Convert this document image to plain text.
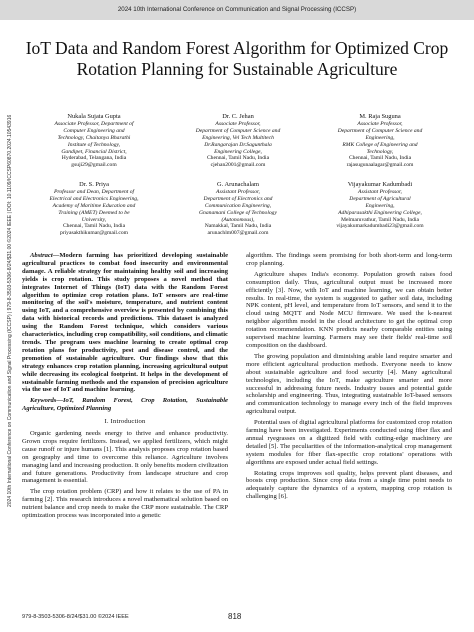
2024 10th International Conference on Communication and Signal Processing (ICCSP)
2024 10th International Conference on Communication and Signal Processing (ICCSP) | 979-8-3503-5306-8/24/$31.00 ©2024 IEEE | DOI: 10.1109/ICCSP60870.2024.10543916
IoT Data and Random Forest Algorithm for Optimized Crop Rotation Planning for Sustainable Agriculture
Nukala Sujata Gupta
Associate Professor, Department of
Computer Engineering and
Technology, Chaitanya Bharathi
Institute of Technology,
Gandipet, Financial District,
Hyderabad, Telangana, India
gsuji29@gmail.com
Dr. C. Jehan
Associate Professor,
Department of Computer Science and
Engineering, Vel Tech Multitech
Dr.Rangarajan Dr.Sagunthala
Engineering College,
Chennai, Tamil Nadu, India
cjehan2001@gmail.com
M. Raja Suguna
Associate Professor,
Department of Computer Science and
Engineering,
RMK College of Engineering and
Technology,
Chennai, Tamil Nadu, India
rajasugunaalagar@gmail.com
Dr. S. Priya
Professor and Dean, Department of
Electrical and Electronics Engineering,
Academy of Maritime Education and
Training (AMET) Deemed to be
University,
Chennai, Tamil Nadu, India
priyasakthikumar@gmail.com
G. Arunachalam
Assistant Professor,
Department of Electronics and
Communication Engineering,
Gnanamani College of Technology
(Autonomous),
Namakkal, Tamil Nadu, India
arunachlm007@gmail.com
Vijayakumar Kadumbadi
Assistant Professor,
Department of Agricultural
Engineering,
Adhiparasakthi Engineering College,
Melmaruvathur, Tamil Nadu, India
vijayakumarkadumbadi23@gmail.com

Abstract—Modern farming has prioritized developing sustainable agricultural practices to combat food insecurity and environmental damage. A reliable strategy for maintaining healthy soil and increasing yields is crop rotation. This study proposes a novel method that integrates Internet of Things (IoT) data with the Random Forest algorithm to optimize crop rotation plans. IoT sensors are real-time monitoring of the soil's moisture, temperature, and nutrient content using IoT, and a comprehensive overview is presented by combining this data with historical records and predictions. This dataset is analyzed using the Random Forest technique, which considers various characteristics, including crop compatibility, soil conditions, and climatic trends. The program uses machine learning to create optimal crop rotation plans for productivity, pest and disease control, and the promotion of sustainable agriculture. Our findings show that this strategy enhances crop rotation planning, increasing agricultural output while decreasing its ecological footprint. It helps in the development of sustainable farming methods and the expansion of precision agriculture via the use of IoT and machine learning.

Keywords—IoT, Random Forest, Crop Rotation, Sustainable Agriculture, Optimized Planning

I. Introduction

Organic gardening needs energy to thrive and enhance productivity. Grown crops require fertilizers. Instead, we applied fertilizers, which might cause runoff or injure humans [1]. This analysis proposes crop rotation based on geography and time to overcome this reliance. Agriculture involves managing land and increasing production. It only benefits modern civilization and future generations. Productivity from landscape structure and crop management is essential.

The crop rotation problem (CRP) and how it relates to the use of PA in farming [2]. This research introduces a novel mathematical solution based on nutrient balance and crop needs to make the CRP more sustainable. The CRP optimization process was incorporated into a genetic

algorithm. The findings seem promising for both short-term and long-term crop planning.

Agriculture shapes India's economy. Population growth raises food consumption daily. Thus, agricultural output must be increased more efficiently [3]. Now, with IoT and machine learning, we can obtain better results. In real-time, the system is suggested to gather soil data, including NPK content, pH level, and temperature from IoT sensors, and send it to the cloud using MQTT and Node MCU firmware. We used the k-nearest neighbor algorithm model in the cloud architecture to get the optimal crop rotation recommendation. KNN predicts nearby comparable entities using supervised machine learning. Farmers may see their fields' real-time soil composition on the dashboard.

The growing population and diminishing arable land require smarter and more efficient agricultural production methods. Everyone needs to know about sustainable agriculture and food security [4]. Many agricultural technologies, including the IoT, make agriculture smarter and more successful in addressing future needs. Industry issues and potential guide scholarship and engineering. Thus, integrating sustainable IoT-based sensors and communication technology to manage every inch of the field improves agricultural output.

Potential uses of digital agricultural platforms for customized crop rotation farming have been investigated. Experiments conducted using fiber flax and annual ryegrasses on a digitized field with cutting-edge machinery are detailed [5]. The peculiarities of the information-analytical crop management system modules for fiber flax-specific crop rotations' operations with algorithms are exposed under actual field settings.

Rotating crops improves soil quality, helps prevent plant diseases, and boosts crop production. Since crop data from a single time point needs to adequately capture the dynamics of a system, mapping crop rotation is challenging [6].

979-8-3503-5306-8/24/$31.00 ©2024 IEEE	818
